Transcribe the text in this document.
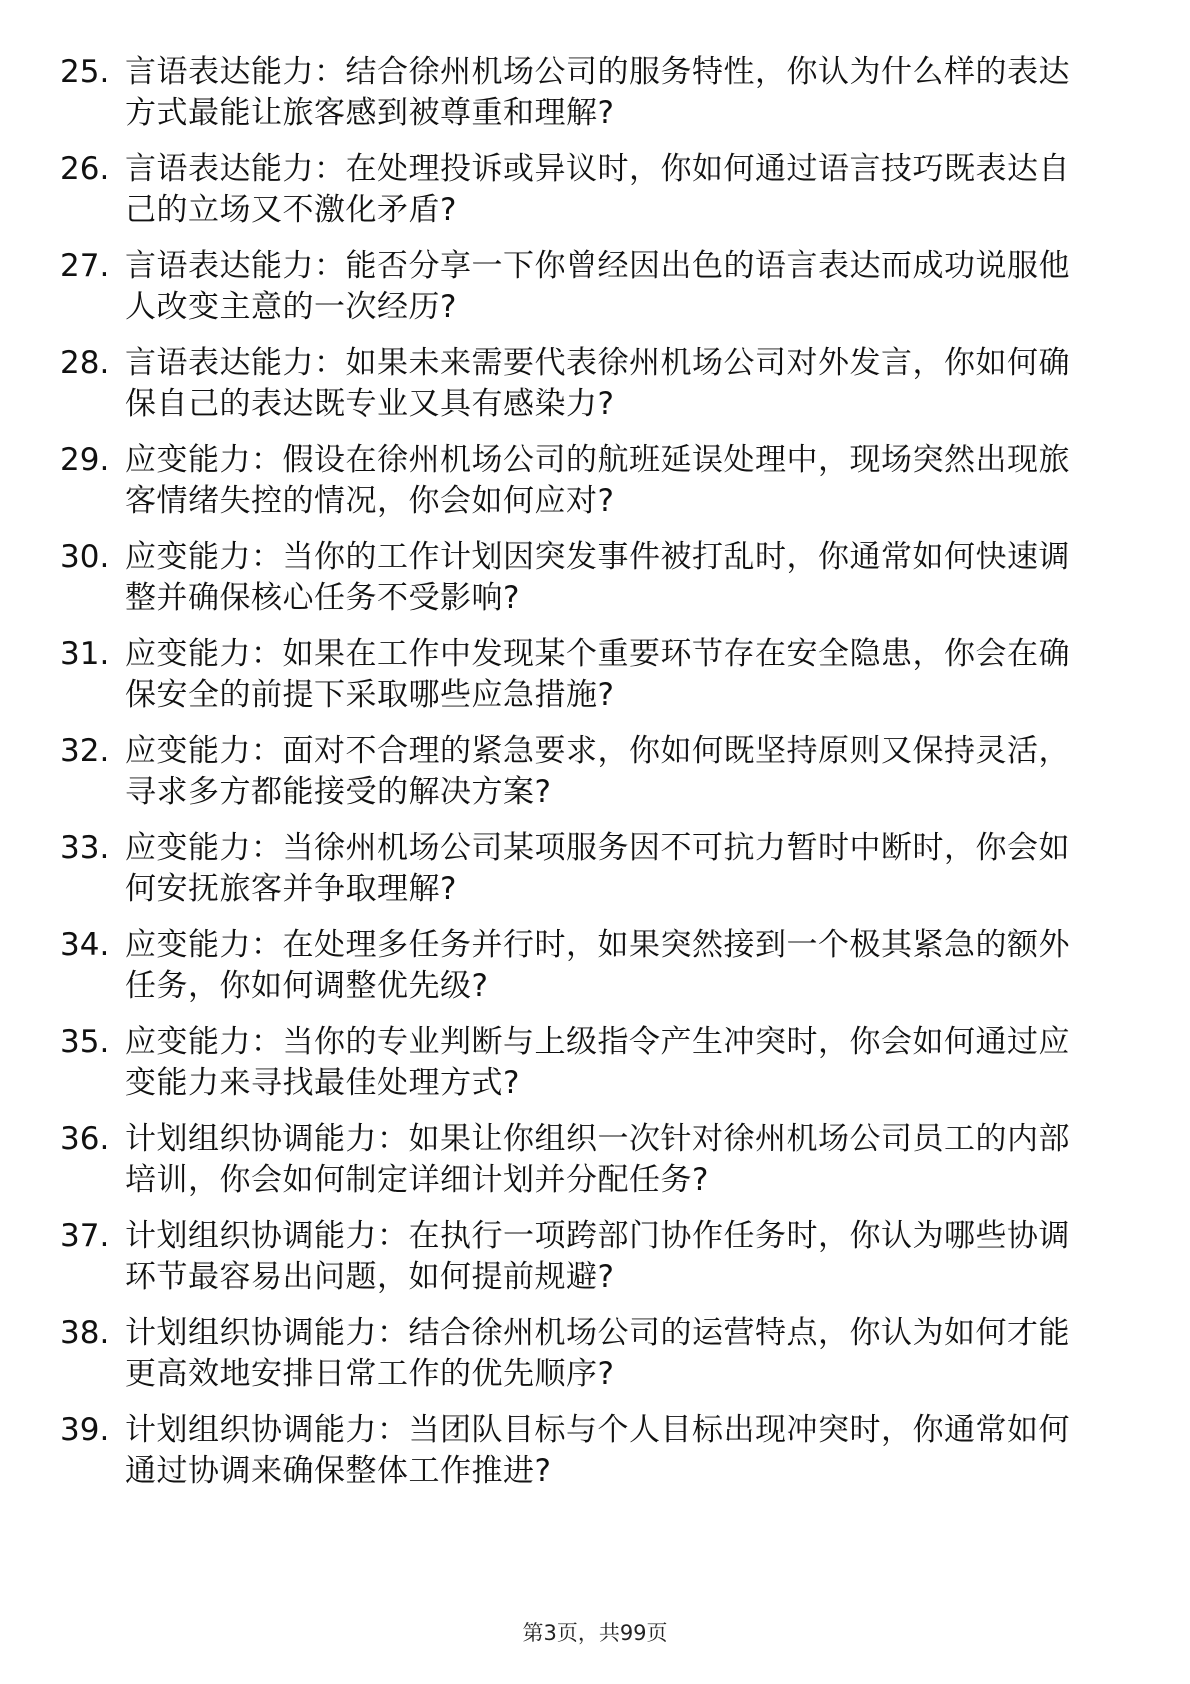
25. 言语表达能力：结合徐州机场公司的服务特性，你认为什么样的表达方式最能让旅客感到被尊重和理解?
26. 言语表达能力：在处理投诉或异议时，你如何通过语言技巧既表达自己的立场又不激化矛盾?
27. 言语表达能力：能否分享一下你曾经因出色的语言表达而成功说服他人改变主意的一次经历?
28. 言语表达能力：如果未来需要代表徐州机场公司对外发言，你如何确保自己的表达既专业又具有感染力?
29. 应变能力：假设在徐州机场公司的航班延误处理中，现场突然出现旅客情绪失控的情况，你会如何应对?
30. 应变能力：当你的工作计划因突发事件被打乱时，你通常如何快速调整并确保核心任务不受影响?
31. 应变能力：如果在工作中发现某个重要环节存在安全隐患，你会在确保安全的前提下采取哪些应急措施?
32. 应变能力：面对不合理的紧急要求，你如何既坚持原则又保持灵活，寻求多方都能接受的解决方案?
33. 应变能力：当徐州机场公司某项服务因不可抗力暂时中断时，你会如何安抚旅客并争取理解?
34. 应变能力：在处理多任务并行时，如果突然接到一个极其紧急的额外任务，你如何调整优先级?
35. 应变能力：当你的专业判断与上级指令产生冲突时，你会如何通过应变能力来寻找最佳处理方式?
36. 计划组织协调能力：如果让你组织一次针对徐州机场公司员工的内部培训，你会如何制定详细计划并分配任务?
37. 计划组织协调能力：在执行一项跨部门协作任务时，你认为哪些协调环节最容易出问题，如何提前规避?
38. 计划组织协调能力：结合徐州机场公司的运营特点，你认为如何才能更高效地安排日常工作的优先顺序?
39. 计划组织协调能力：当团队目标与个人目标出现冲突时，你通常如何通过协调来确保整体工作推进?
第3页，共99页
